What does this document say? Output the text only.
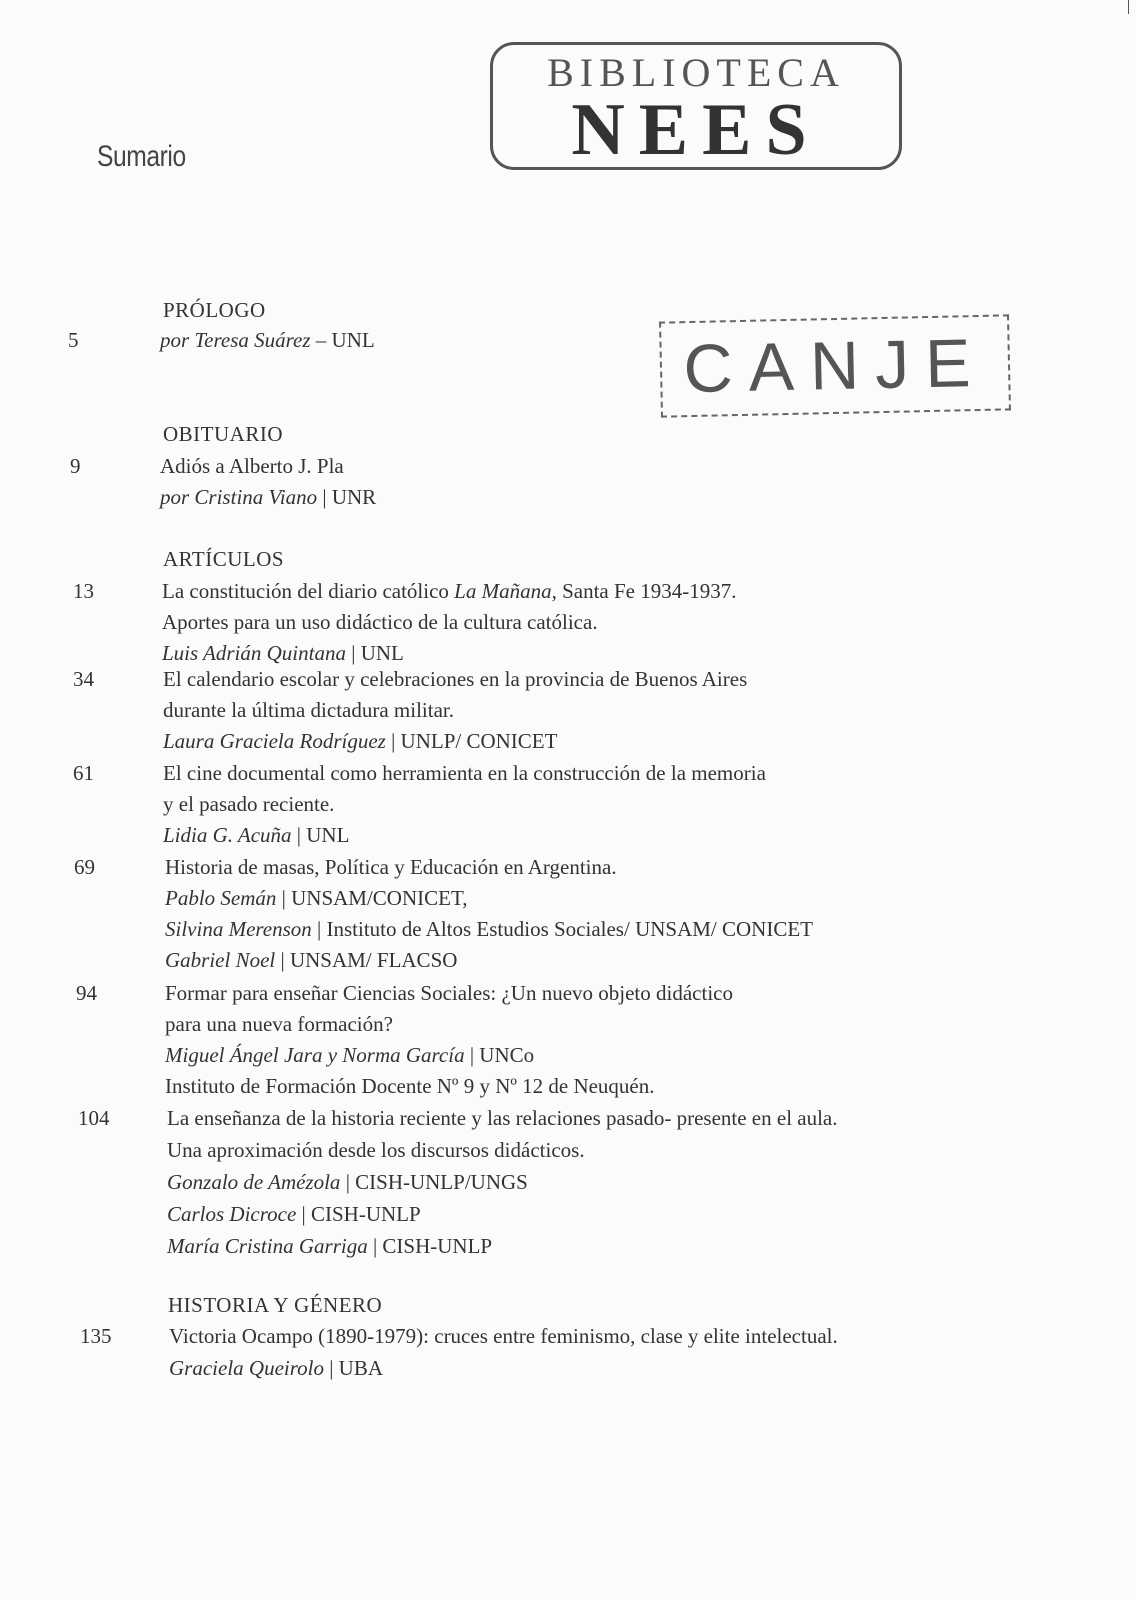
Sumario
BIBLIOTECA
NEES
CANJE
PRÓLOGO
OBITUARIO
ARTÍCULOS
HISTORIA Y GÉNERO
5	por Teresa Suárez – UNL
9	Adiós a Alberto J. Pla
por Cristina Viano | UNR
13	La constitución del diario católico La Mañana, Santa Fe 1934-1937.
Aportes para un uso didáctico de la cultura católica.
Luis Adrián Quintana | UNL
34	El calendario escolar y celebraciones en la provincia de Buenos Aires
durante la última dictadura militar.
Laura Graciela Rodríguez | UNLP/ CONICET
61	El cine documental como herramienta en la construcción de la memoria
y el pasado reciente.
Lidia G. Acuña | UNL
69	Historia de masas, Política y Educación en Argentina.
Pablo Semán | UNSAM/CONICET,
Silvina Merenson | Instituto de Altos Estudios Sociales/ UNSAM/ CONICET
Gabriel Noel | UNSAM/ FLACSO
94	Formar para enseñar Ciencias Sociales: ¿Un nuevo objeto didáctico
para una nueva formación?
Miguel Ángel Jara y Norma García | UNCo
Instituto de Formación Docente Nº 9 y Nº 12 de Neuquén.
104	La enseñanza de la historia reciente y las relaciones pasado- presente en el aula.
Una aproximación desde los discursos didácticos.
Gonzalo de Amézola | CISH-UNLP/UNGS
Carlos Dicroce | CISH-UNLP
María Cristina Garriga | CISH-UNLP
135	Victoria Ocampo (1890-1979): cruces entre feminismo, clase y elite intelectual.
Graciela Queirolo | UBA
